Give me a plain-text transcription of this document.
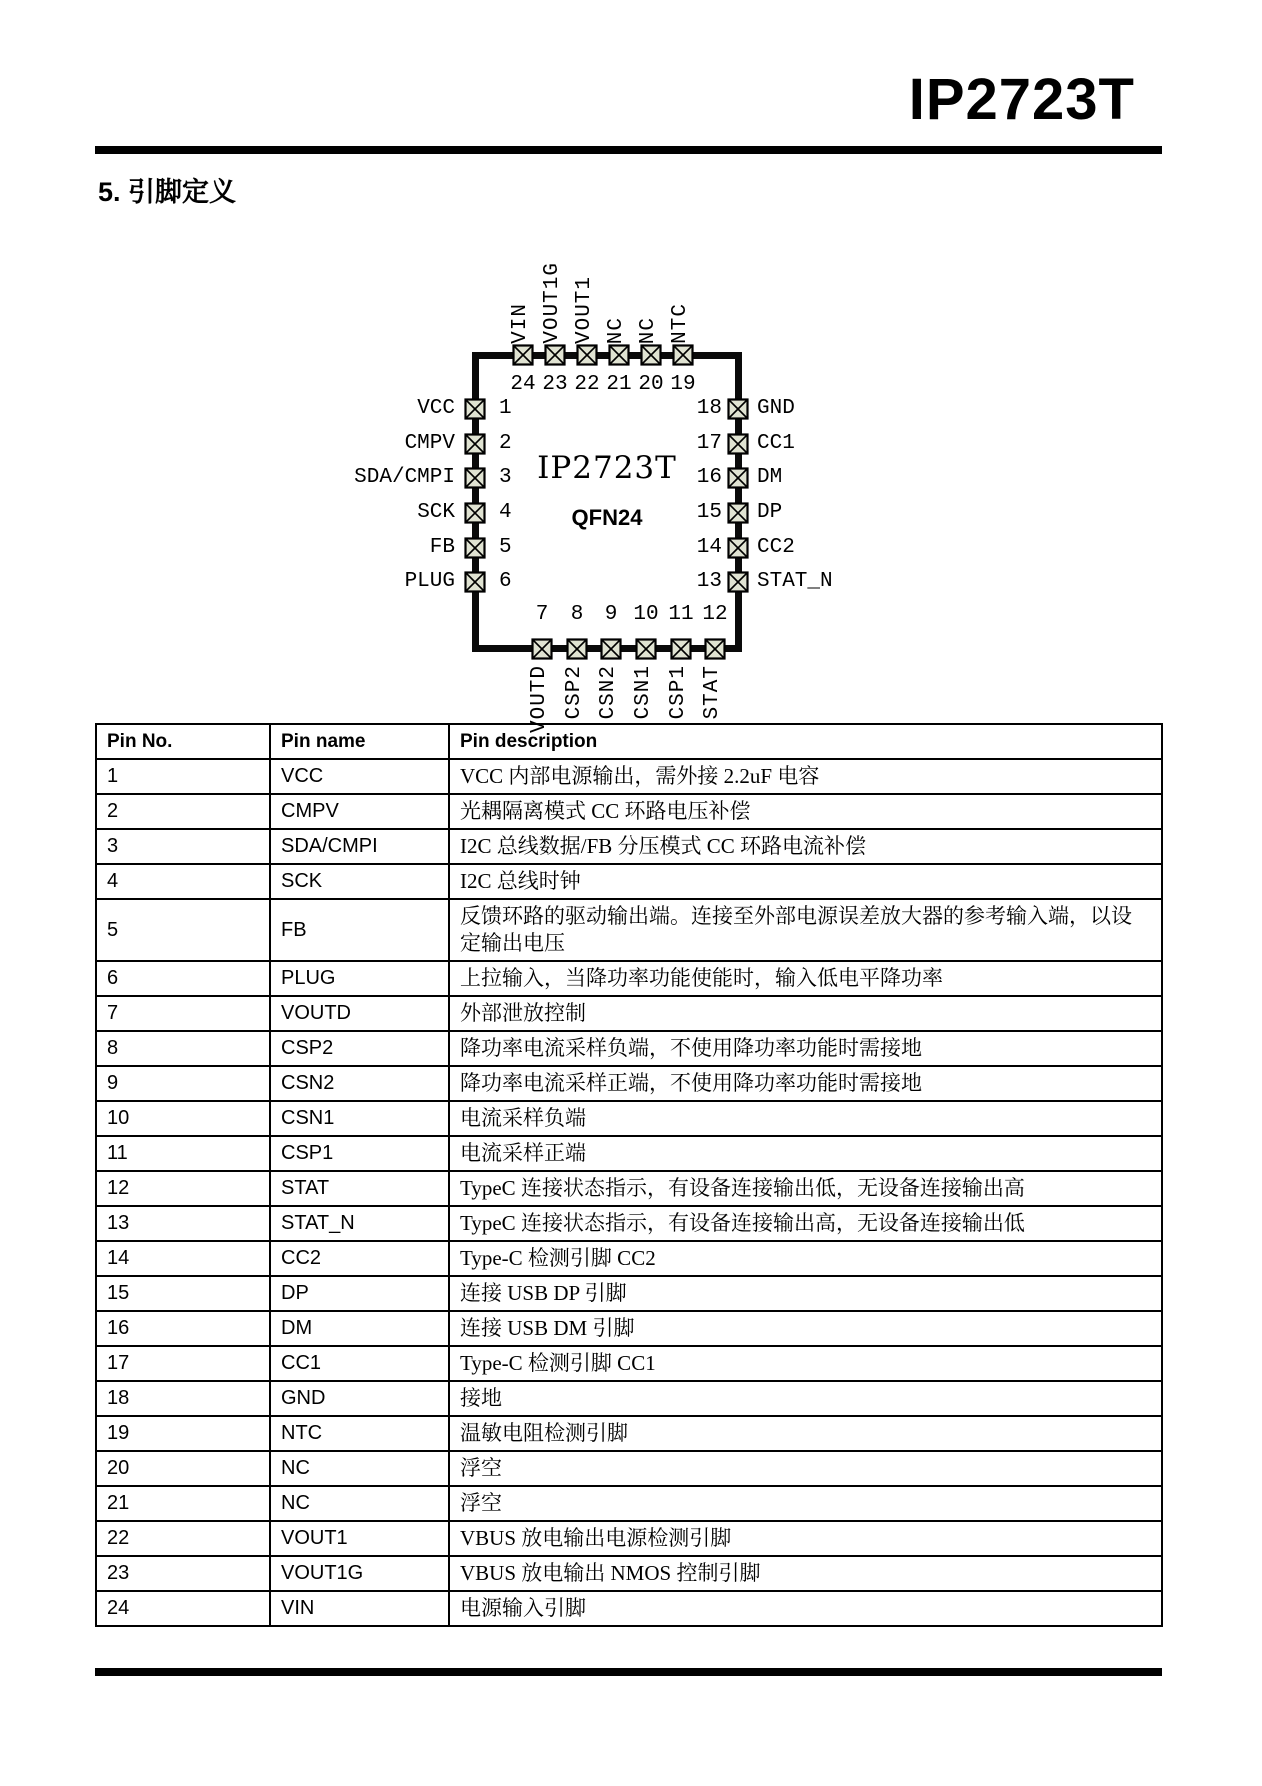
IP2723T
5. 引脚定义
IP2723T
QFN24
VCC 1
CMPV 2
SDA/CMPI 3
SCK 4
FB 5
PLUG 6
18 GND
17 CC1
16 DM
15 DP
14 CC2
13 STAT_N
24
VIN
23
VOUT1G
22
VOUT1
21
NC
20
NC
19
NTC
7
VOUTD
8
CSP2
9
CSN2
10
CSN1
11
CSP1
12
STAT
Pin No.	Pin name	Pin description
1	VCC	VCC 内部电源输出，需外接 2.2uF 电容
2	CMPV	光耦隔离模式 CC 环路电压补偿
3	SDA/CMPI	I2C 总线数据/FB 分压模式 CC 环路电流补偿
4	SCK	I2C 总线时钟
5	FB	反馈环路的驱动输出端。连接至外部电源误差放大器的参考输入端，以设定输出电压
6	PLUG	上拉输入，当降功率功能使能时，输入低电平降功率
7	VOUTD	外部泄放控制
8	CSP2	降功率电流采样负端，不使用降功率功能时需接地
9	CSN2	降功率电流采样正端，不使用降功率功能时需接地
10	CSN1	电流采样负端
11	CSP1	电流采样正端
12	STAT	TypeC 连接状态指示，有设备连接输出低，无设备连接输出高
13	STAT_N	TypeC 连接状态指示，有设备连接输出高，无设备连接输出低
14	CC2	Type-C 检测引脚 CC2
15	DP	连接 USB DP 引脚
16	DM	连接 USB DM 引脚
17	CC1	Type-C 检测引脚 CC1
18	GND	接地
19	NTC	温敏电阻检测引脚
20	NC	浮空
21	NC	浮空
22	VOUT1	VBUS 放电输出电源检测引脚
23	VOUT1G	VBUS 放电输出 NMOS 控制引脚
24	VIN	电源输入引脚
